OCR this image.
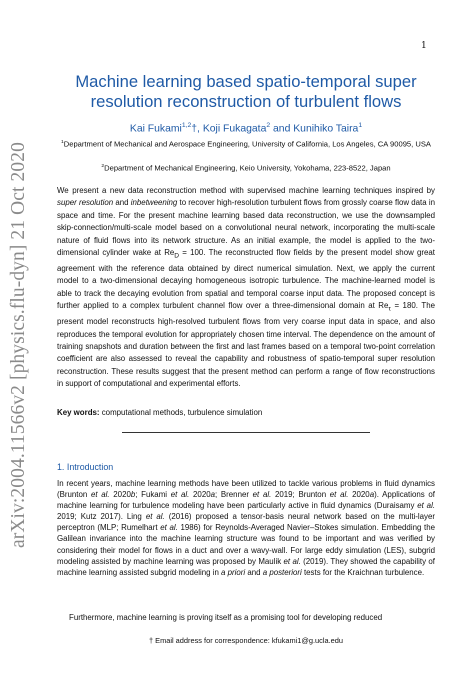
1
arXiv:2004.11566v2 [physics.flu-dyn] 21 Oct 2020
Machine learning based spatio-temporal super resolution reconstruction of turbulent flows
Kai Fukami$^{1,2}$†, Koji Fukagata$^2$ and Kunihiko Taira$^1$
$^1$Department of Mechanical and Aerospace Engineering, University of California, Los Angeles, CA 90095, USA
$^2$Department of Mechanical Engineering, Keio University, Yokohama, 223-8522, Japan

We present a new data reconstruction method with supervised machine learning techniques inspired by super resolution and inbetweening to recover high-resolution turbulent flows from grossly coarse flow data in space and time. For the present machine learning based data reconstruction, we use the downsampled skip-connection/multi-scale model based on a convolutional neural network, incorporating the multi-scale nature of fluid flows into its network structure. As an initial example, the model is applied to the two-dimensional cylinder wake at $Re_D = 100$. The reconstructed flow fields by the present model show great agreement with the reference data obtained by direct numerical simulation. Next, we apply the current model to a two-dimensional decaying homogeneous isotropic turbulence. The machine-learned model is able to track the decaying evolution from spatial and temporal coarse input data. The proposed concept is further applied to a complex turbulent channel flow over a three-dimensional domain at $Re_\tau = 180$. The present model reconstructs high-resolved turbulent flows from very coarse input data in space, and also reproduces the temporal evolution for appropriately chosen time interval. The dependence on the amount of training snapshots and duration between the first and last frames based on a temporal two-point correlation coefficient are also assessed to reveal the capability and robustness of spatio-temporal super resolution reconstruction. These results suggest that the present method can perform a range of flow reconstructions in support of computational and experimental efforts.

Key words: computational methods, turbulence simulation
1. Introduction

In recent years, machine learning methods have been utilized to tackle various problems in fluid dynamics (Brunton et al. 2020b; Fukami et al. 2020a; Brenner et al. 2019; Brunton et al. 2020a). Applications of machine learning for turbulence modeling have been particularly active in fluid dynamics (Duraisamy et al. 2019; Kutz 2017). Ling et al. (2016) proposed a tensor-basis neural network based on the multi-layer perceptron (MLP; Rumelhart et al. 1986) for Reynolds-Averaged Navier–Stokes simulation. Embedding the Galilean invariance into the machine learning structure was found to be important and was verified by considering their model for flows in a duct and over a wavy-wall. For large eddy simulation (LES), subgrid modeling assisted by machine learning was proposed by Maulik et al. (2019). They showed the capability of machine learning assisted subgrid modeling in a priori and a posteriori tests for the Kraichnan turbulence.

Furthermore, machine learning is proving itself as a promising tool for developing reduced

† Email address for correspondence: kfukami1@g.ucla.edu
